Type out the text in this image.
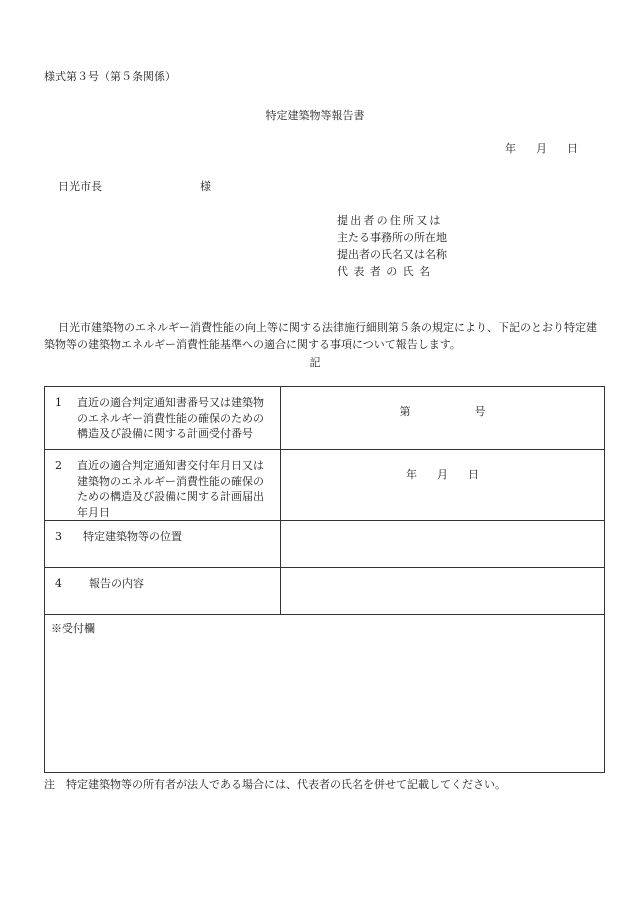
様式第３号（第５条関係）
特定建築物等報告書
年 月 日
日光市長	様
提出者の住所又は
主たる事務所の所在地
提出者の氏名又は名称
代表者の氏名
日光市建築物のエネルギー消費性能の向上等に関する法律施行細則第５条の規定により、下記のとおり特定建築物等の建築物エネルギー消費性能基準への適合に関する事項について報告します。
記
1 直近の適合判定通知書番号又は建築物のエネルギー消費性能の確保のための構造及び設備に関する計画受付番号	第 号

2 直近の適合判定通知書交付年月日又は建築物のエネルギー消費性能の確保のための構造及び設備に関する計画届出年月日	年 月 日

3 特定建築物等の位置	

4 報告の内容	

※受付欄	
注　特定建築物等の所有者が法人である場合には、代表者の氏名を併せて記載してください。
